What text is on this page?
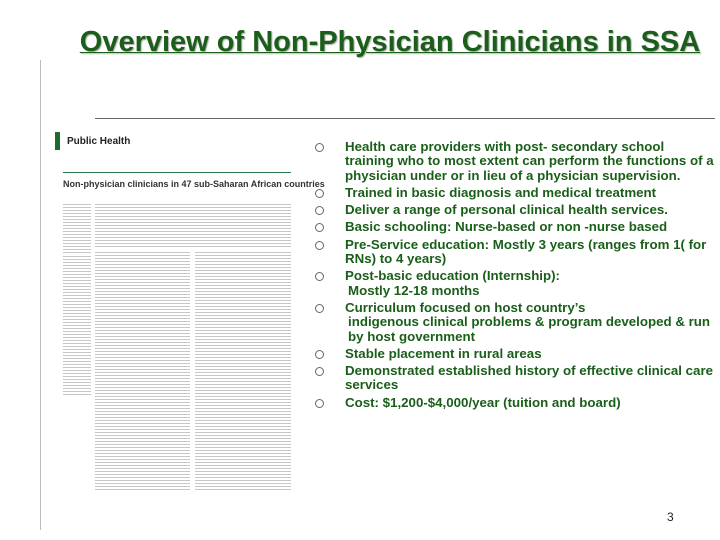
Overview of Non-Physician Clinicians in SSA
Public Health
Non-physician clinicians in 47 sub-Saharan African countries
Health care providers with post- secondary school training who to most extent can perform the functions of a physician under or in lieu of a physician supervision.
Trained in basic diagnosis and medical treatment
Deliver a range of personal clinical health services.
Basic schooling: Nurse-based or non -nurse based
Pre-Service education: Mostly 3 years (ranges from 1( for RNs) to 4 years)
Post-basic education (Internship):
Mostly 12-18 months
Curriculum focused on host country’s
indigenous clinical problems & program developed & run by host government
Stable placement in rural areas
Demonstrated established history of effective clinical care services
Cost: $1,200-$4,000/year (tuition and board)
3
